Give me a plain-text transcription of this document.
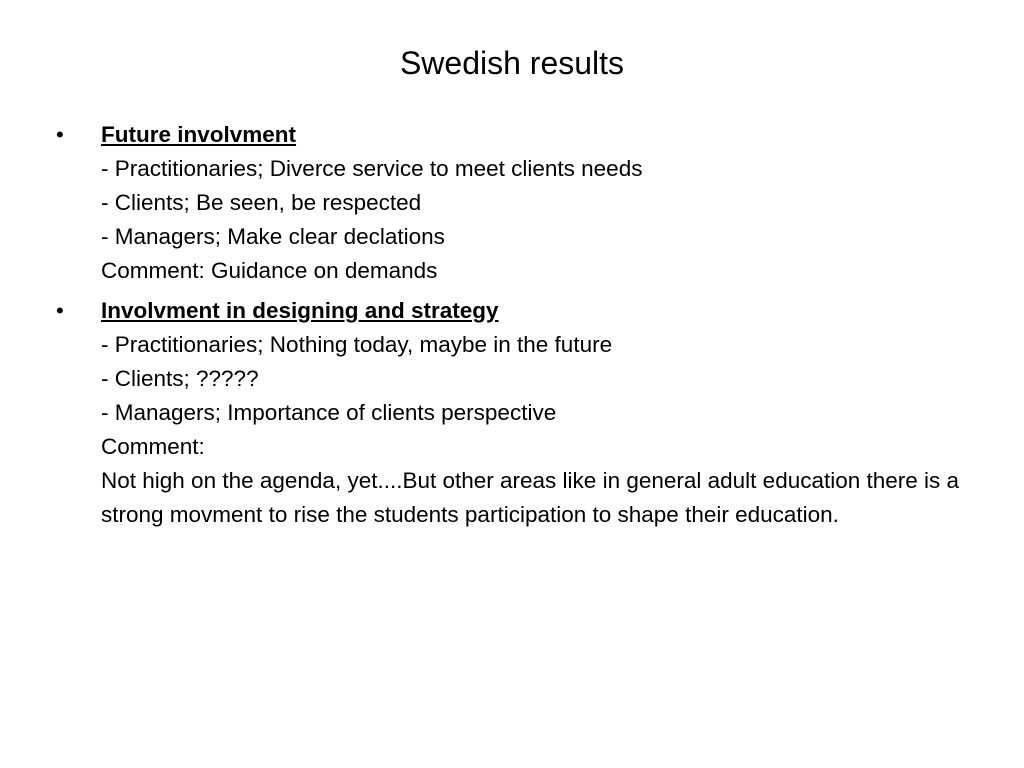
Swedish results
•	Future involvment
- Practitionaries; Diverce service to meet clients needs
- Clients; Be seen, be respected
- Managers; Make clear declations
Comment: Guidance on demands
•	Involvment in designing and strategy
- Practitionaries; Nothing today, maybe in the future
- Clients; ?????
- Managers; Importance of clients perspective
Comment:
Not high on the agenda, yet....But other areas like in general adult education there is a strong movment to rise the students participation to shape their education.
